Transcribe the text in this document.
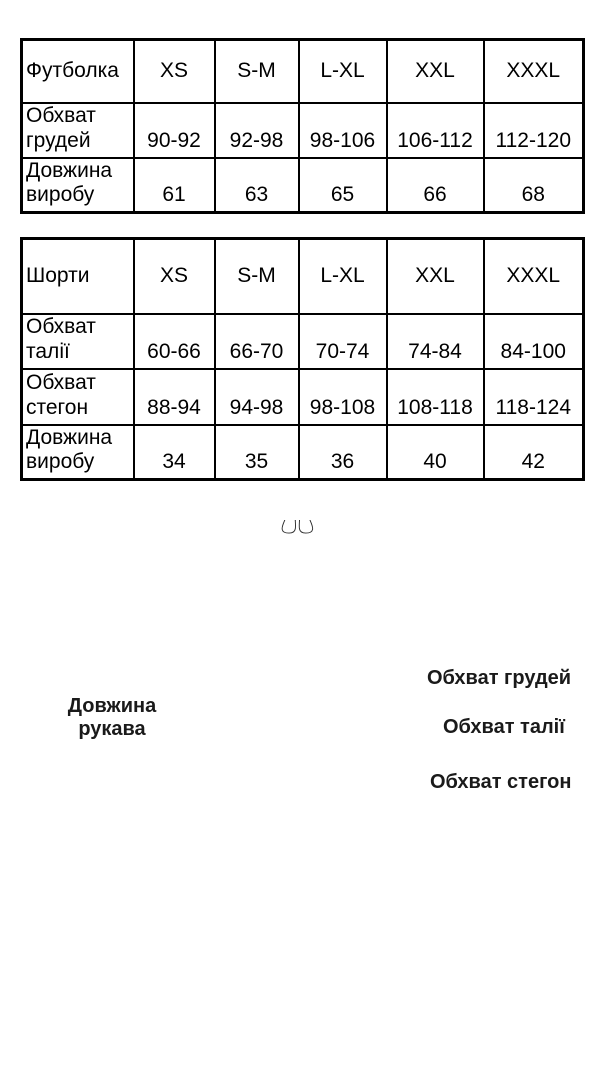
Футболка	XS	S-M	L-XL	XXL	XXXL
Обхват грудей	90-92	92-98	98-106	106-112	112-120
Довжина виробу	61	63	65	66	68
Шорти	XS	S-M	L-XL	XXL	XXXL
Обхват талії	60-66	66-70	70-74	74-84	84-100
Обхват стегон	88-94	94-98	98-108	108-118	118-124
Довжина виробу	34	35	36	40	42
Довжина рукава
Обхват грудей
Обхват талії
Обхват стегон
